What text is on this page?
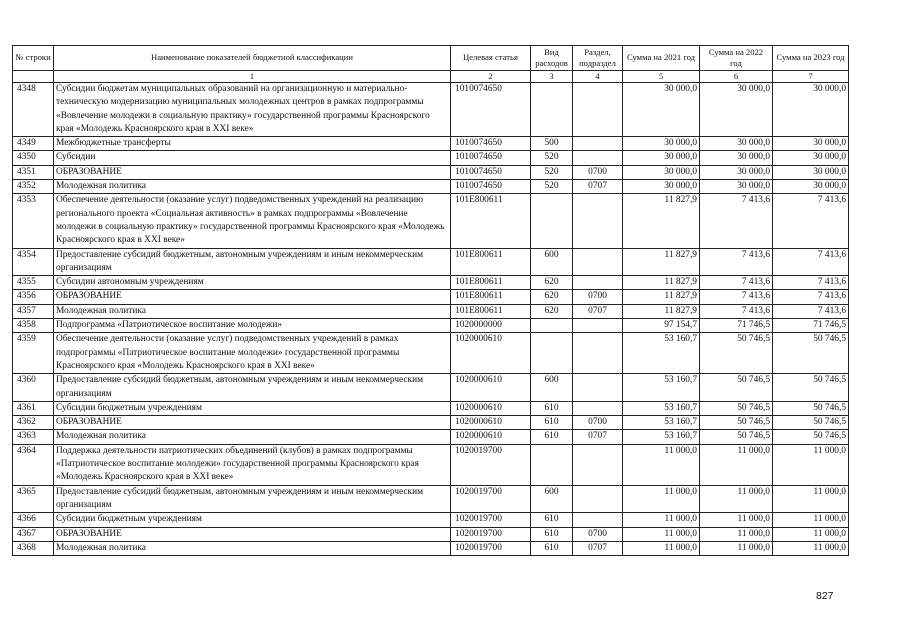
№ строки	Наименование показателей бюджетной классификации	Целевая статья	Вид расходов	Раздел, подраздел	Сумма на 2021 год	Сумма на 2022 год	Сумма на 2023 год
	1	2	3	4	5	6	7
4348	Субсидии бюджетам муниципальных образований на организационную и материально-техническую модернизацию муниципальных молодежных центров в рамках подпрограммы «Вовлечение молодежи в социальную практику» государственной программы Красноярского края «Молодежь Красноярского края в XXI веке»	1010074650			30 000,0	30 000,0	30 000,0
4349	Межбюджетные трансферты	1010074650	500		30 000,0	30 000,0	30 000,0
4350	Субсидии	1010074650	520		30 000,0	30 000,0	30 000,0
4351	ОБРАЗОВАНИЕ	1010074650	520	0700	30 000,0	30 000,0	30 000,0
4352	Молодежная политика	1010074650	520	0707	30 000,0	30 000,0	30 000,0
4353	Обеспечение деятельности (оказание услуг) подведомственных учреждений на реализацию регионального проекта «Социальная активность» в рамках подпрограммы «Вовлечение молодежи в социальную практику» государственной программы Красноярского края «Молодежь Красноярского края в XXI веке»	101E800611			11 827,9	7 413,6	7 413,6
4354	Предоставление субсидий бюджетным, автономным учреждениям и иным некоммерческим организациям	101E800611	600		11 827,9	7 413,6	7 413,6
4355	Субсидии автономным учреждениям	101E800611	620		11 827,9	7 413,6	7 413,6
4356	ОБРАЗОВАНИЕ	101E800611	620	0700	11 827,9	7 413,6	7 413,6
4357	Молодежная политика	101E800611	620	0707	11 827,9	7 413,6	7 413,6
4358	Подпрограмма «Патриотическое воспитание молодежи»	1020000000			97 154,7	71 746,5	71 746,5
4359	Обеспечение деятельности (оказание услуг) подведомственных учреждений в рамках подпрограммы «Патриотическое воспитание молодежи» государственной программы Красноярского края «Молодежь Красноярского края в XXI веке»	1020000610			53 160,7	50 746,5	50 746,5
4360	Предоставление субсидий бюджетным, автономным учреждениям и иным некоммерческим организациям	1020000610	600		53 160,7	50 746,5	50 746,5
4361	Субсидии бюджетным учреждениям	1020000610	610		53 160,7	50 746,5	50 746,5
4362	ОБРАЗОВАНИЕ	1020000610	610	0700	53 160,7	50 746,5	50 746,5
4363	Молодежная политика	1020000610	610	0707	53 160,7	50 746,5	50 746,5
4364	Поддержка деятельности патриотических объединений (клубов) в рамках подпрограммы «Патриотическое воспитание молодежи» государственной программы Красноярского края «Молодежь Красноярского края в XXI веке»	1020019700			11 000,0	11 000,0	11 000,0
4365	Предоставление субсидий бюджетным, автономным учреждениям и иным некоммерческим организациям	1020019700	600		11 000,0	11 000,0	11 000,0
4366	Субсидии бюджетным учреждениям	1020019700	610		11 000,0	11 000,0	11 000,0
4367	ОБРАЗОВАНИЕ	1020019700	610	0700	11 000,0	11 000,0	11 000,0
4368	Молодежная политика	1020019700	610	0707	11 000,0	11 000,0	11 000,0
827
